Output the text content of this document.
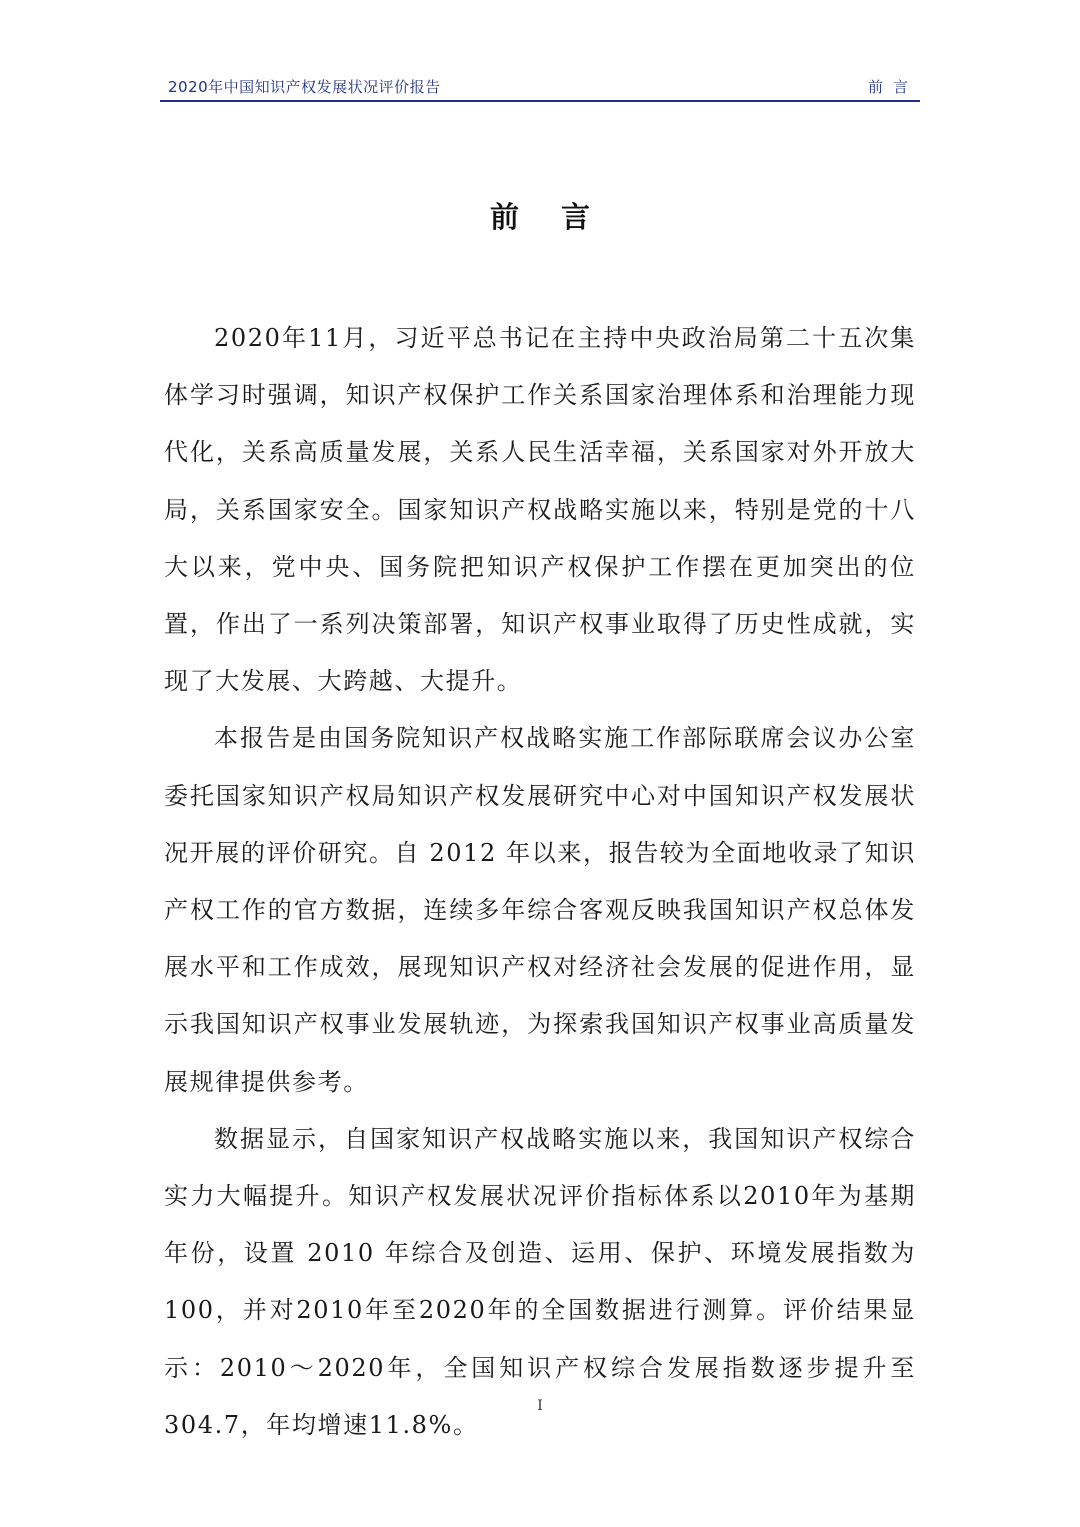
2020年中国知识产权发展状况评价报告	前言
前言

2020年11月，习近平总书记在主持中央政治局第二十五次集体学习时强调，知识产权保护工作关系国家治理体系和治理能力现代化，关系高质量发展，关系人民生活幸福，关系国家对外开放大局，关系国家安全。国家知识产权战略实施以来，特别是党的十八大以来，党中央、国务院把知识产权保护工作摆在更加突出的位置，作出了一系列决策部署，知识产权事业取得了历史性成就，实现了大发展、大跨越、大提升。

本报告是由国务院知识产权战略实施工作部际联席会议办公室委托国家知识产权局知识产权发展研究中心对中国知识产权发展状况开展的评价研究。自 2012 年以来，报告较为全面地收录了知识产权工作的官方数据，连续多年综合客观反映我国知识产权总体发展水平和工作成效，展现知识产权对经济社会发展的促进作用，显示我国知识产权事业发展轨迹，为探索我国知识产权事业高质量发展规律提供参考。

数据显示，自国家知识产权战略实施以来，我国知识产权综合实力大幅提升。知识产权发展状况评价指标体系以2010年为基期年份，设置 2010 年综合及创造、运用、保护、环境发展指数为 100，并对2010年至2020年的全国数据进行测算。评价结果显示：2010～2020年，全国知识产权综合发展指数逐步提升至304.7，年均增速11.8%。

I
